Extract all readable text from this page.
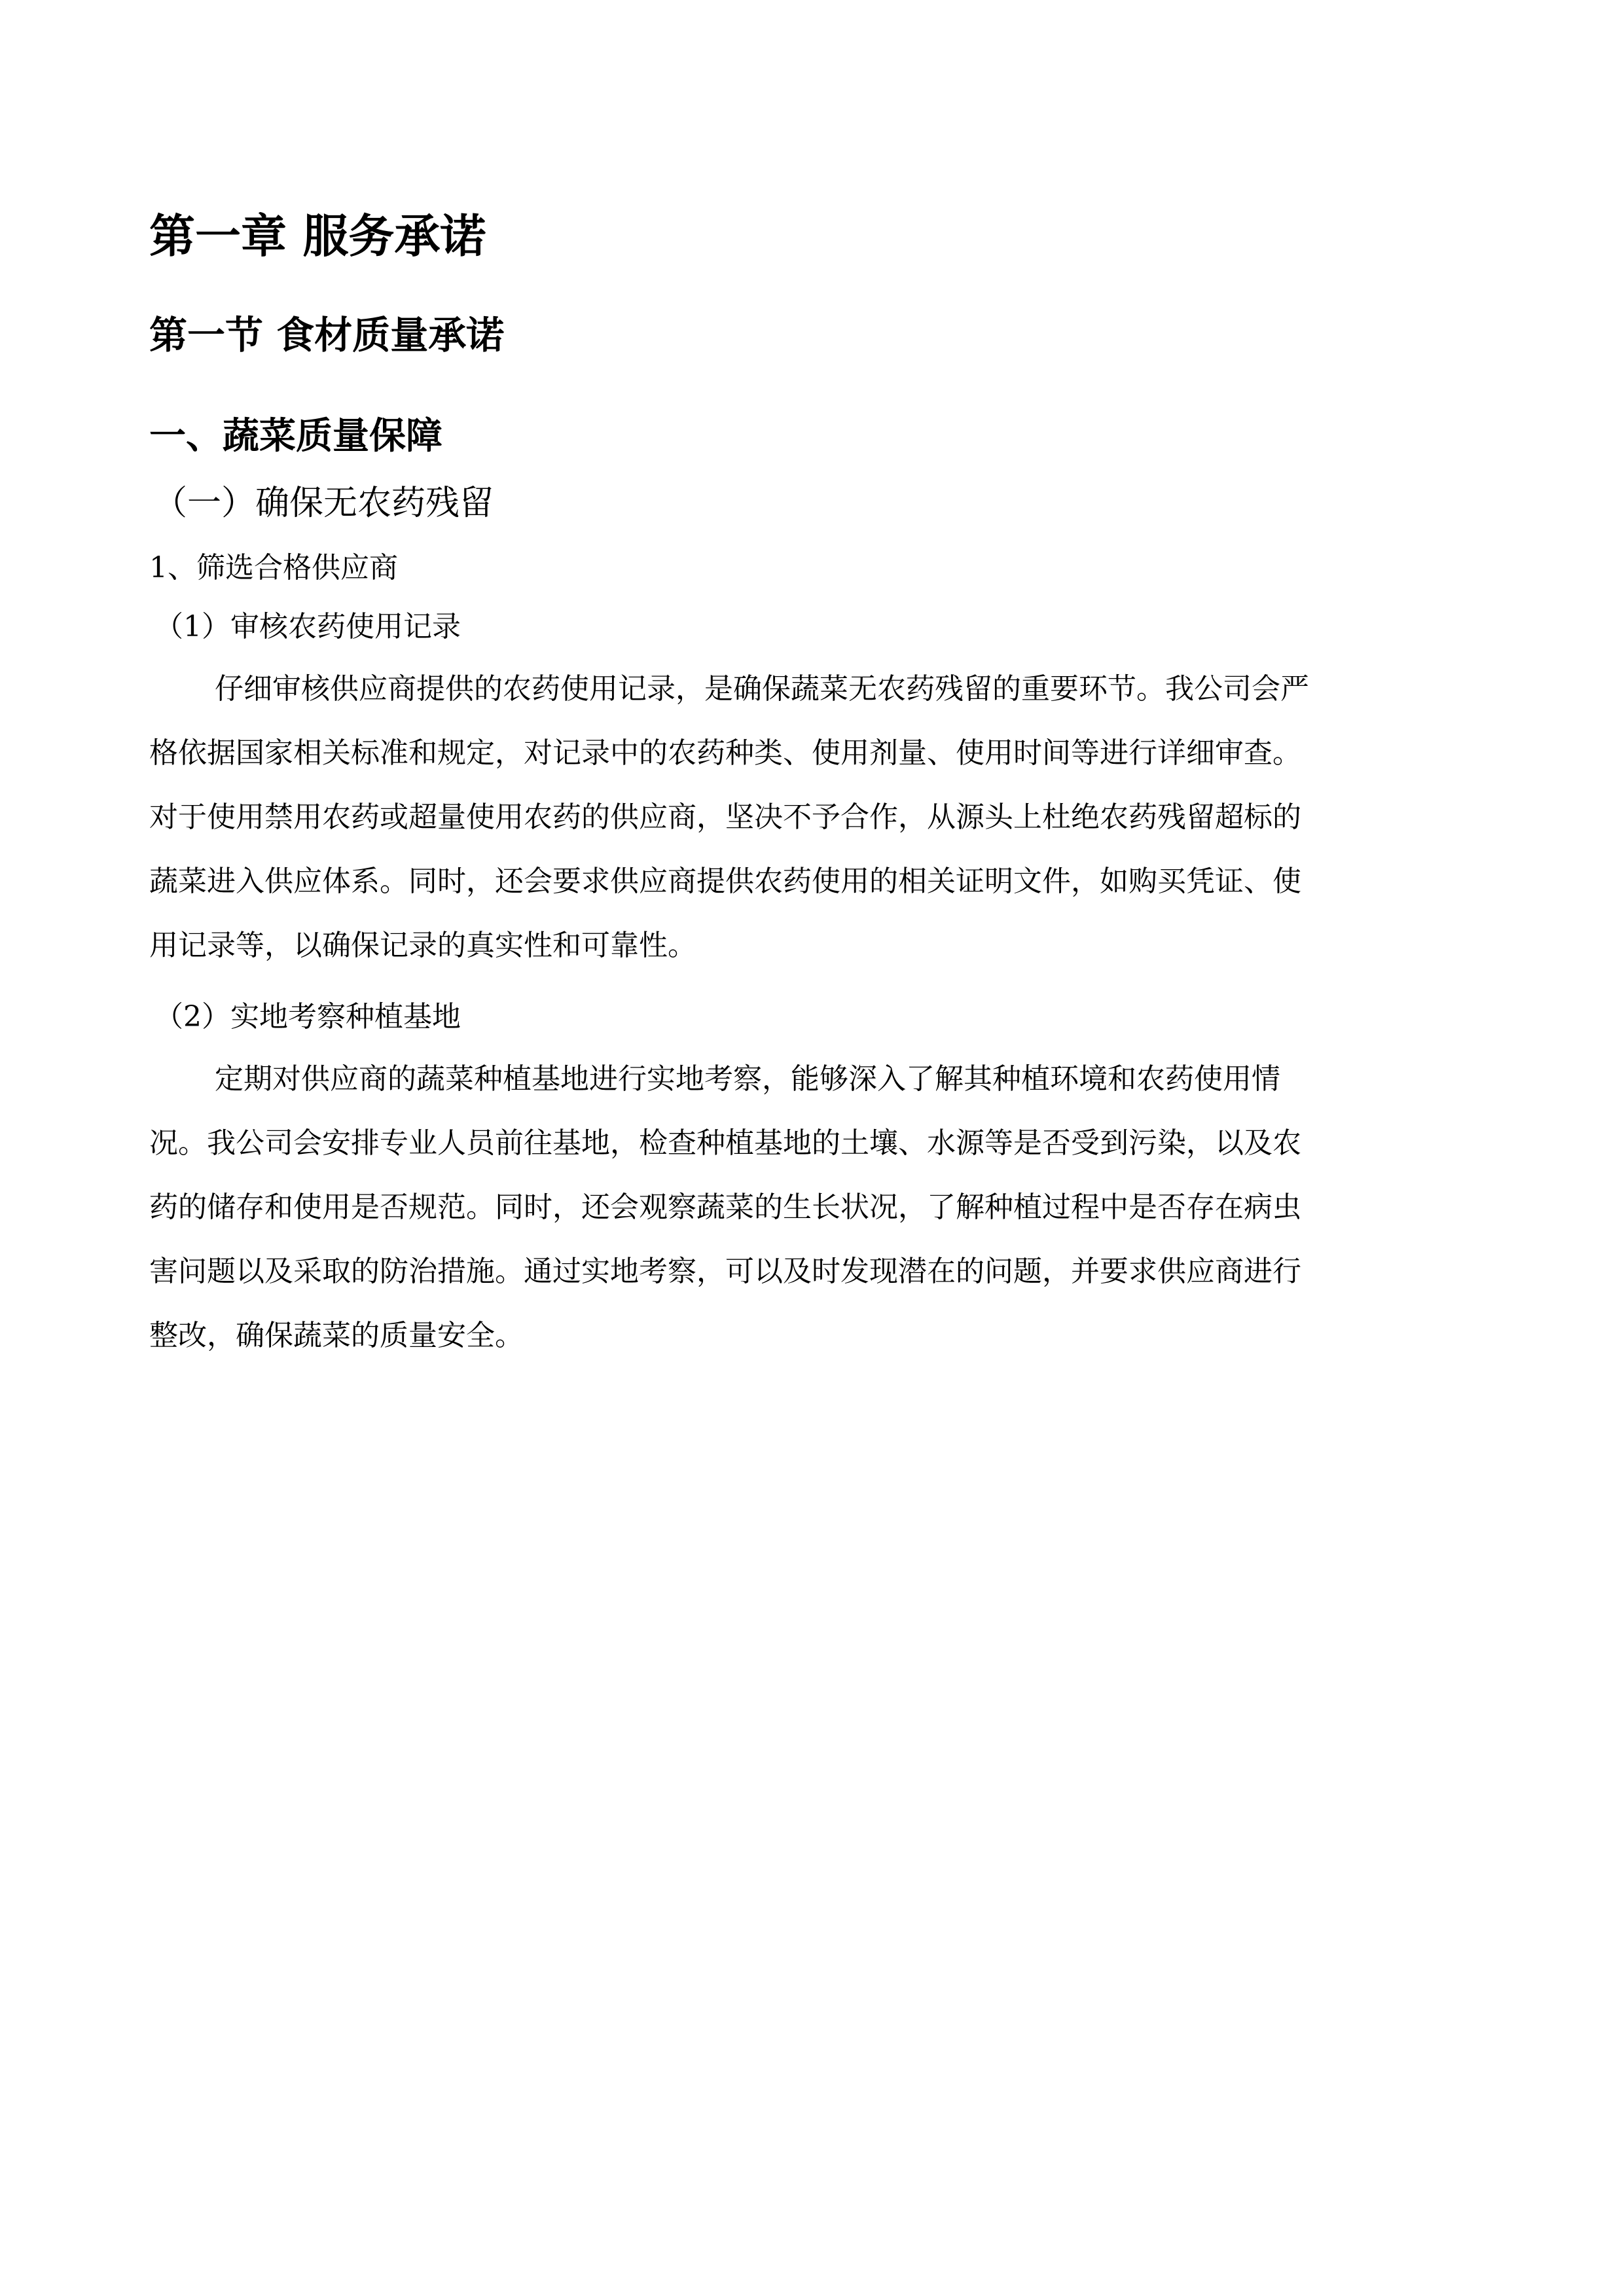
第一章 服务承诺
第一节 食材质量承诺
一、蔬菜质量保障
（一）确保无农药残留
1、筛选合格供应商
（1）审核农药使用记录
仔细审核供应商提供的农药使用记录，是确保蔬菜无农药残留的重要环节。我公司会严
格依据国家相关标准和规定，对记录中的农药种类、使用剂量、使用时间等进行详细审查。
对于使用禁用农药或超量使用农药的供应商，坚决不予合作，从源头上杜绝农药残留超标的
蔬菜进入供应体系。同时，还会要求供应商提供农药使用的相关证明文件，如购买凭证、使
用记录等，以确保记录的真实性和可靠性。
（2）实地考察种植基地
定期对供应商的蔬菜种植基地进行实地考察，能够深入了解其种植环境和农药使用情
况。我公司会安排专业人员前往基地，检查种植基地的土壤、水源等是否受到污染，以及农
药的储存和使用是否规范。同时，还会观察蔬菜的生长状况，了解种植过程中是否存在病虫
害问题以及采取的防治措施。通过实地考察，可以及时发现潜在的问题，并要求供应商进行
整改，确保蔬菜的质量安全。
